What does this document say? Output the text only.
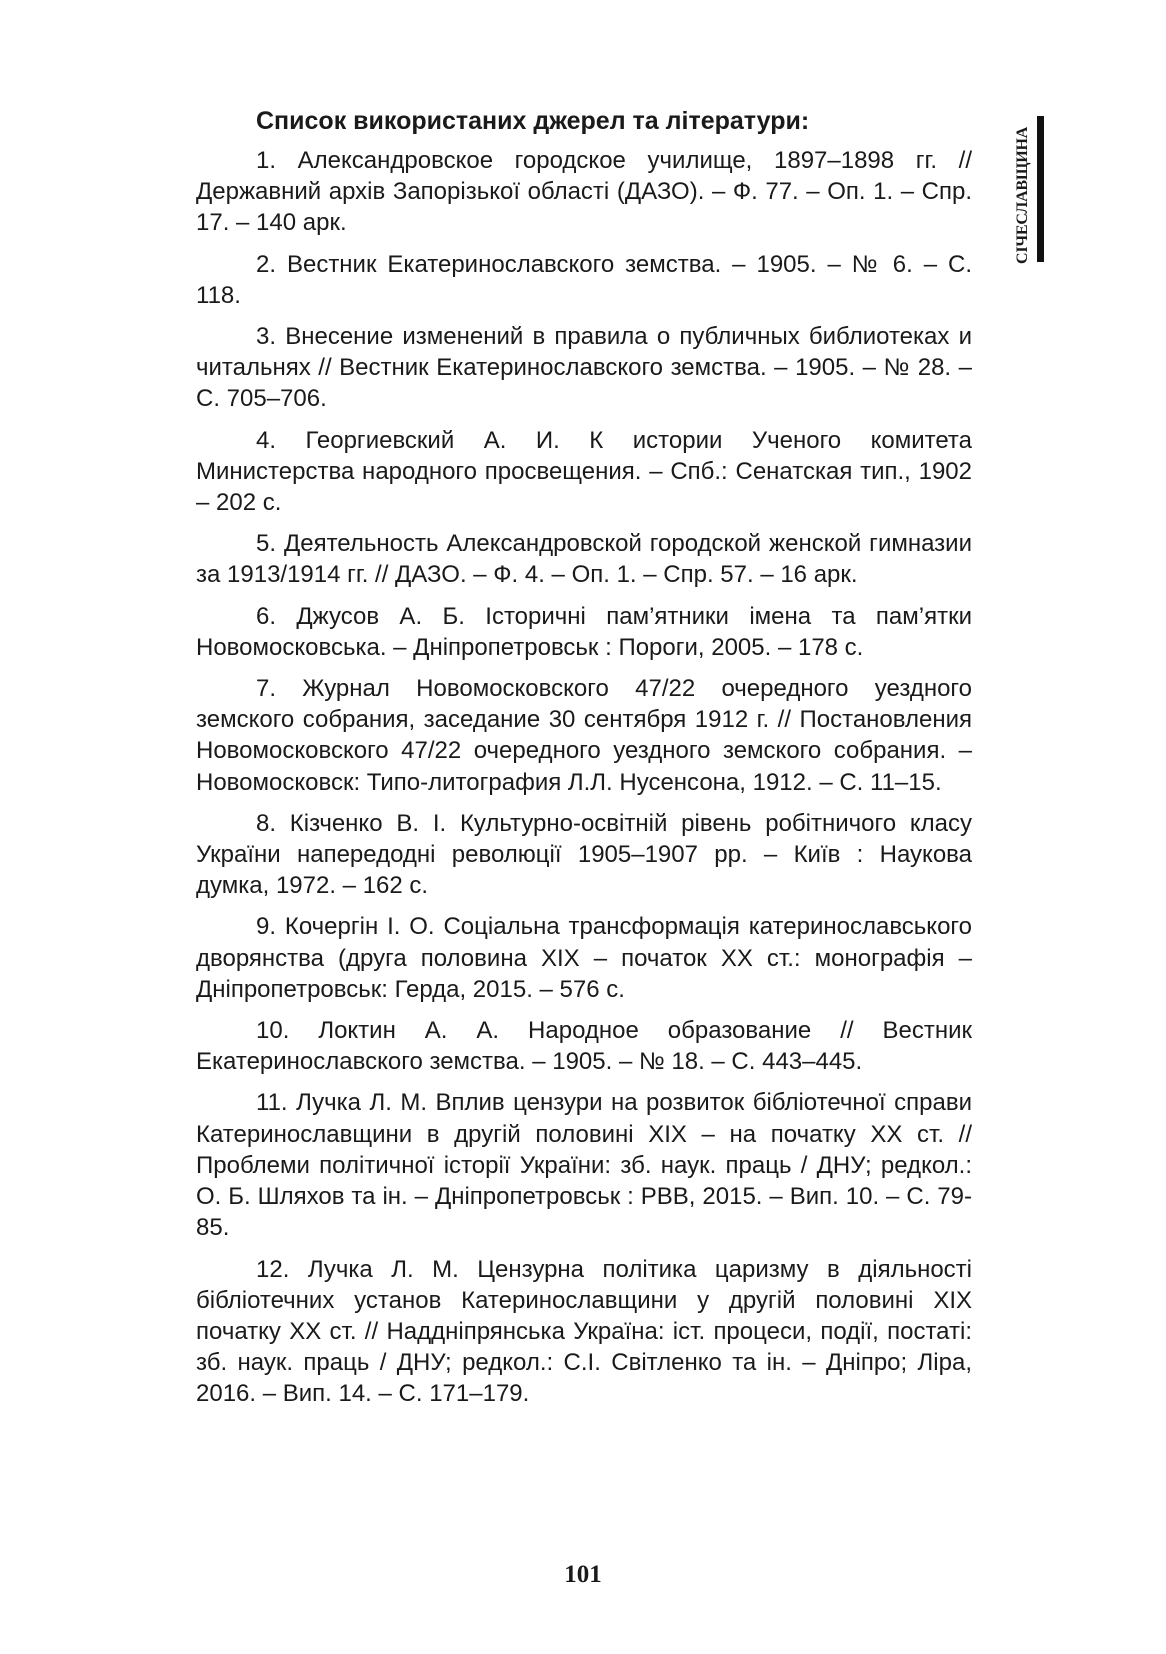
СІЧЕСЛАВЩИНА
Список використаних джерел та літератури:
1. Александровское городское училище, 1897–1898 гг. // Державний архів Запорізької області (ДАЗО). – Ф. 77. – Оп. 1. – Спр. 17. – 140 арк.
2. Вестник Екатеринославского земства. – 1905. – № 6. – С. 118.
3. Внесение изменений в правила о публичных библиотеках и читальнях // Вестник Екатеринославского земства. – 1905. – № 28. – С. 705–706.
4. Георгиевский А. И. К истории Ученого комитета Министерства народного просвещения. – Спб.: Сенатская тип., 1902 – 202 с.
5. Деятельность Александровской городской женской гимназии за 1913/1914 гг. // ДАЗО. – Ф. 4. – Оп. 1. – Спр. 57. – 16 арк.
6. Джусов А. Б. Історичні пам’ятники імена та пам’ятки Новомосковська. – Дніпропетровськ : Пороги, 2005. – 178 с.
7. Журнал Новомосковского 47/22 очередного уездного земского собрания, заседание 30 сентября 1912 г. // Постановления Новомосковского 47/22 очередного уездного земского собрания. – Новомосковск: Типо-литография Л.Л. Нусенсона, 1912. – С. 11–15.
8. Кізченко В. І. Культурно-освітній рівень робітничого класу України напередодні революції 1905–1907 рр. – Київ : Наукова думка, 1972. – 162 с.
9. Кочергін І. О. Соціальна трансформація катеринославського дворянства (друга половина XIX – початок XX ст.: монографія – Дніпропетровськ: Герда, 2015. – 576 с.
10. Локтин А. А. Народное образование // Вестник Екатеринославского земства. – 1905. – № 18. – С. 443–445.
11. Лучка Л. М. Вплив цензури на розвиток бібліотечної справи Катеринославщини в другій половині XIX – на початку XX ст. // Проблеми політичної історії України: зб. наук. праць / ДНУ; редкол.: О. Б. Шляхов та ін. – Дніпропетровськ : РВВ, 2015. – Вип. 10. – С. 79-85.
12. Лучка Л. М. Цензурна політика царизму в діяльності бібліотечних установ Катеринославщини у другій половині XIX початку XX ст. // Наддніпрянська Україна: іст. процеси, події, постаті: зб. наук. праць / ДНУ; редкол.: С.І. Світленко та ін. – Дніпро; Ліра, 2016. – Вип. 14. – С. 171–179.
101
